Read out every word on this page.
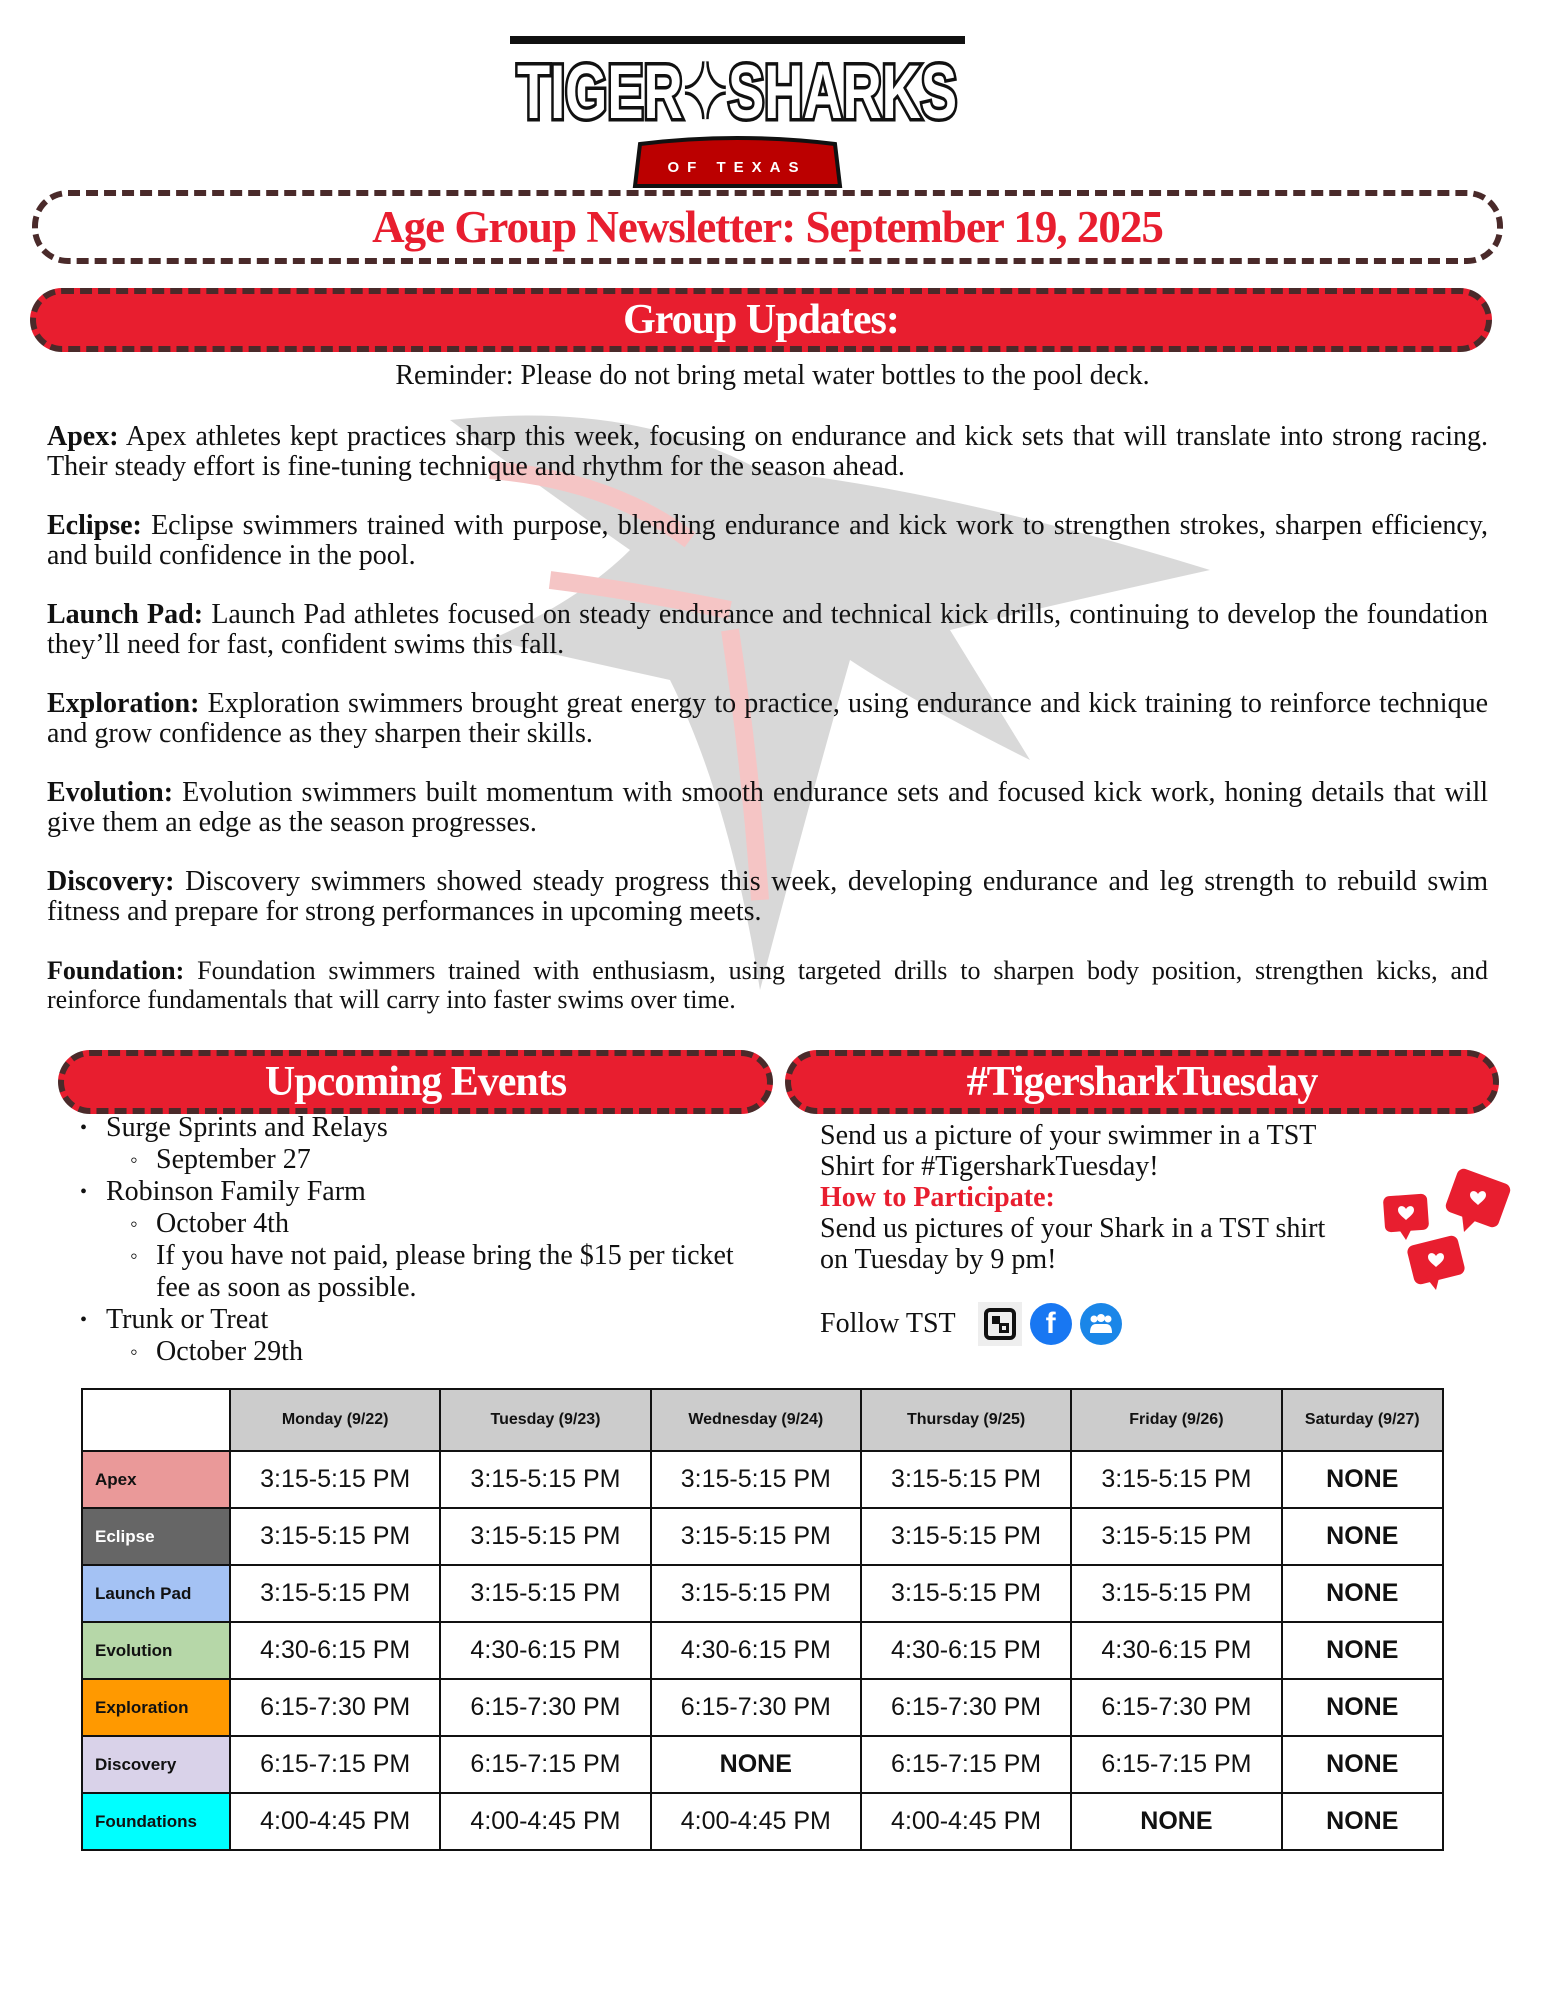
TIGER✦SHARKS
OF TEXAS
Age Group Newsletter: September 19, 2025
Group Updates:
Reminder: Please do not bring metal water bottles to the pool deck.

Apex: Apex athletes kept practices sharp this week, focusing on endurance and kick sets that will translate into strong racing. Their steady effort is fine-tuning technique and rhythm for the season ahead.

Eclipse: Eclipse swimmers trained with purpose, blending endurance and kick work to strengthen strokes, sharpen efficiency, and build confidence in the pool.

Launch Pad: Launch Pad athletes focused on steady endurance and technical kick drills, continuing to develop the foundation they’ll need for fast, confident swims this fall.

Exploration: Exploration swimmers brought great energy to practice, using endurance and kick training to reinforce technique and grow confidence as they sharpen their skills.

Evolution: Evolution swimmers built momentum with smooth endurance sets and focused kick work, honing details that will give them an edge as the season progresses.

Discovery: Discovery swimmers showed steady progress this week, developing endurance and leg strength to rebuild swim fitness and prepare for strong performances in upcoming meets.

Foundation: Foundation swimmers trained with enthusiasm, using targeted drills to sharpen body position, strengthen kicks, and reinforce fundamentals that will carry into faster swims over time.

Upcoming Events	#TigersharkTuesday
• Surge Sprints and Relays
◦ September 27
• Robinson Family Farm
◦ October 4th
◦ If you have not paid, please bring the $15 per ticket fee as soon as possible.
• Trunk or Treat
◦ October 29th
Send us a picture of your swimmer in a TST Shirt for #TigersharkTuesday!
How to Participate:
Send us pictures of your Shark in a TST shirt on Tuesday by 9 pm!
Follow TST	f
	Monday (9/22)	Tuesday (9/23)	Wednesday (9/24)	Thursday (9/25)	Friday (9/26)	Saturday (9/27)
Apex	3:15-5:15 PM	3:15-5:15 PM	3:15-5:15 PM	3:15-5:15 PM	3:15-5:15 PM	NONE
Eclipse	3:15-5:15 PM	3:15-5:15 PM	3:15-5:15 PM	3:15-5:15 PM	3:15-5:15 PM	NONE
Launch Pad	3:15-5:15 PM	3:15-5:15 PM	3:15-5:15 PM	3:15-5:15 PM	3:15-5:15 PM	NONE
Evolution	4:30-6:15 PM	4:30-6:15 PM	4:30-6:15 PM	4:30-6:15 PM	4:30-6:15 PM	NONE
Exploration	6:15-7:30 PM	6:15-7:30 PM	6:15-7:30 PM	6:15-7:30 PM	6:15-7:30 PM	NONE
Discovery	6:15-7:15 PM	6:15-7:15 PM	NONE	6:15-7:15 PM	6:15-7:15 PM	NONE
Foundations	4:00-4:45 PM	4:00-4:45 PM	4:00-4:45 PM	4:00-4:45 PM	NONE	NONE
